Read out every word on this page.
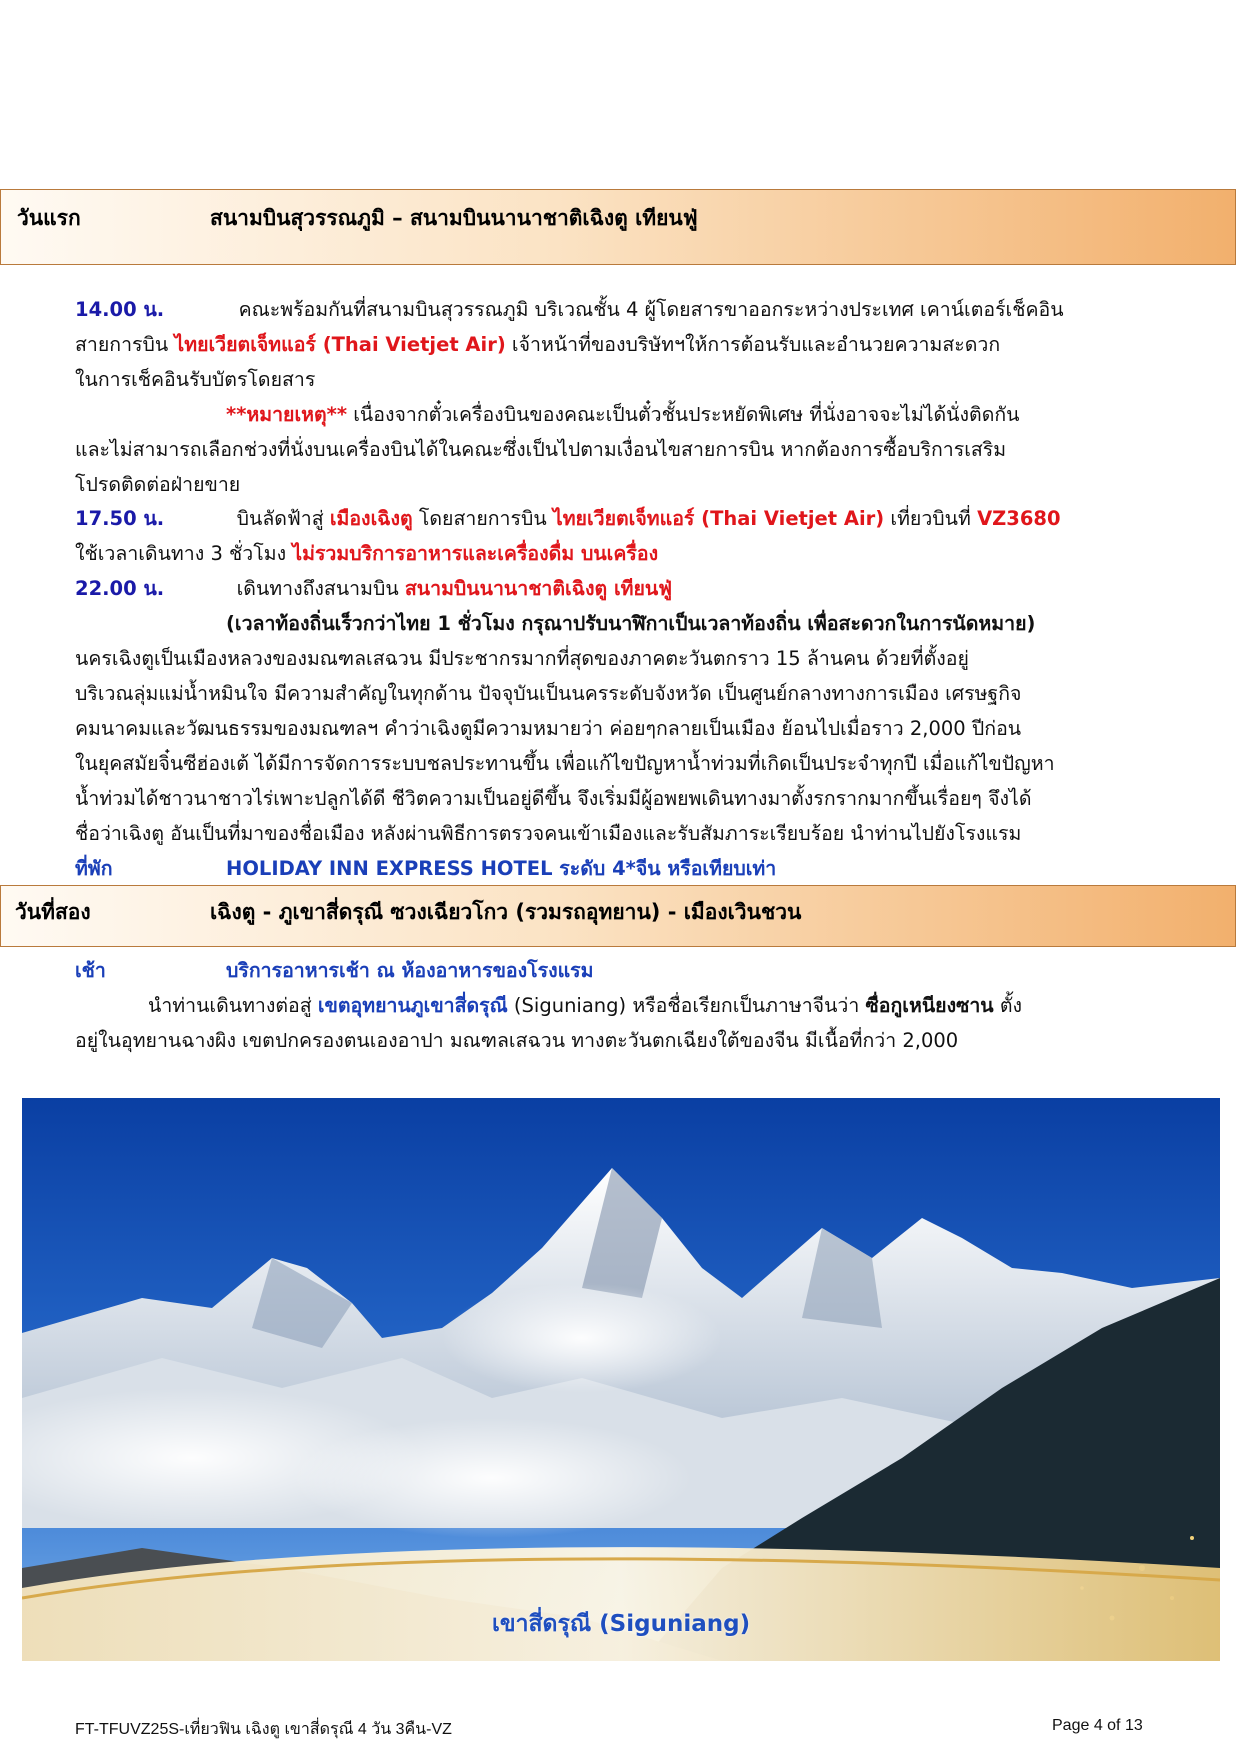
วันแรก	สนามบินสุวรรณภูมิ – สนามบินนานาชาติเฉิงตู เทียนฟู่
14.00 น.	คณะพร้อมกันที่สนามบินสุวรรณภูมิ บริเวณชั้น 4 ผู้โดยสารขาออกระหว่างประเทศ เคาน์เตอร์เช็คอิน
สายการบิน ไทยเวียตเจ็ทแอร์ (Thai Vietjet Air) เจ้าหน้าที่ของบริษัทฯให้การต้อนรับและอำนวยความสะดวก
ในการเช็คอินรับบัตรโดยสาร
**หมายเหตุ** เนื่องจากตั๋วเครื่องบินของคณะเป็นตั๋วชั้นประหยัดพิเศษ ที่นั่งอาจจะไม่ได้นั่งติดกัน
และไม่สามารถเลือกช่วงที่นั่งบนเครื่องบินได้ในคณะซึ่งเป็นไปตามเงื่อนไขสายการบิน หากต้องการซื้อบริการเสริม
โปรดติดต่อฝ่ายขาย
17.50 น.	บินลัดฟ้าสู่ เมืองเฉิงตู โดยสายการบิน ไทยเวียตเจ็ทแอร์ (Thai Vietjet Air) เที่ยวบินที่ VZ3680
ใช้เวลาเดินทาง 3 ชั่วโมง ไม่รวมบริการอาหารและเครื่องดื่ม บนเครื่อง
22.00 น.	เดินทางถึงสนามบิน สนามบินนานาชาติเฉิงตู เทียนฟู่
(เวลาท้องถิ่นเร็วกว่าไทย 1 ชั่วโมง กรุณาปรับนาฬิกาเป็นเวลาท้องถิ่น เพื่อสะดวกในการนัดหมาย)
นครเฉิงตูเป็นเมืองหลวงของมณฑลเสฉวน มีประชากรมากที่สุดของภาคตะวันตกราว 15 ล้านคน ด้วยที่ตั้งอยู่
บริเวณลุ่มแม่น้ำหมินใจ มีความสำคัญในทุกด้าน ปัจจุบันเป็นนครระดับจังหวัด เป็นศูนย์กลางทางการเมือง เศรษฐกิจ
คมนาคมและวัฒนธรรมของมณฑลฯ คำว่าเฉิงตูมีความหมายว่า ค่อยๆกลายเป็นเมือง ย้อนไปเมื่อราว 2,000 ปีก่อน
ในยุคสมัยจิ๋นซีฮ่องเต้ ได้มีการจัดการระบบชลประทานขึ้น เพื่อแก้ไขปัญหาน้ำท่วมที่เกิดเป็นประจำทุกปี เมื่อแก้ไขปัญหา
น้ำท่วมได้ชาวนาชาวไร่เพาะปลูกได้ดี ชีวิตความเป็นอยู่ดีขึ้น จึงเริ่มมีผู้อพยพเดินทางมาตั้งรกรากมากขึ้นเรื่อยๆ จึงได้
ชื่อว่าเฉิงตู อันเป็นที่มาของชื่อเมือง หลังผ่านพิธีการตรวจคนเข้าเมืองและรับสัมภาระเรียบร้อย นำท่านไปยังโรงแรม
ที่พัก	HOLIDAY INN EXPRESS HOTEL ระดับ 4*จีน หรือเทียบเท่า
วันที่สอง	เฉิงตู - ภูเขาสี่ดรุณี ซวงเฉียวโกว (รวมรถอุทยาน) - เมืองเวินชวน
เช้า	บริการอาหารเช้า ณ ห้องอาหารของโรงแรม
นำท่านเดินทางต่อสู่ เขตอุทยานภูเขาสี่ดรุณี (Siguniang) หรือชื่อเรียกเป็นภาษาจีนว่า ซื่อกูเหนียงซาน ตั้ง
อยู่ในอุทยานฉางผิง เขตปกครองตนเองอาปา มณฑลเสฉวน ทางตะวันตกเฉียงใต้ของจีน มีเนื้อที่กว่า 2,000
เขาสี่ดรุณี (Siguniang)
FT-TFUVZ25S-เที่ยวฟิน เฉิงตู เขาสี่ดรุณี 4 วัน 3คืน-VZ	Page 4 of 13
